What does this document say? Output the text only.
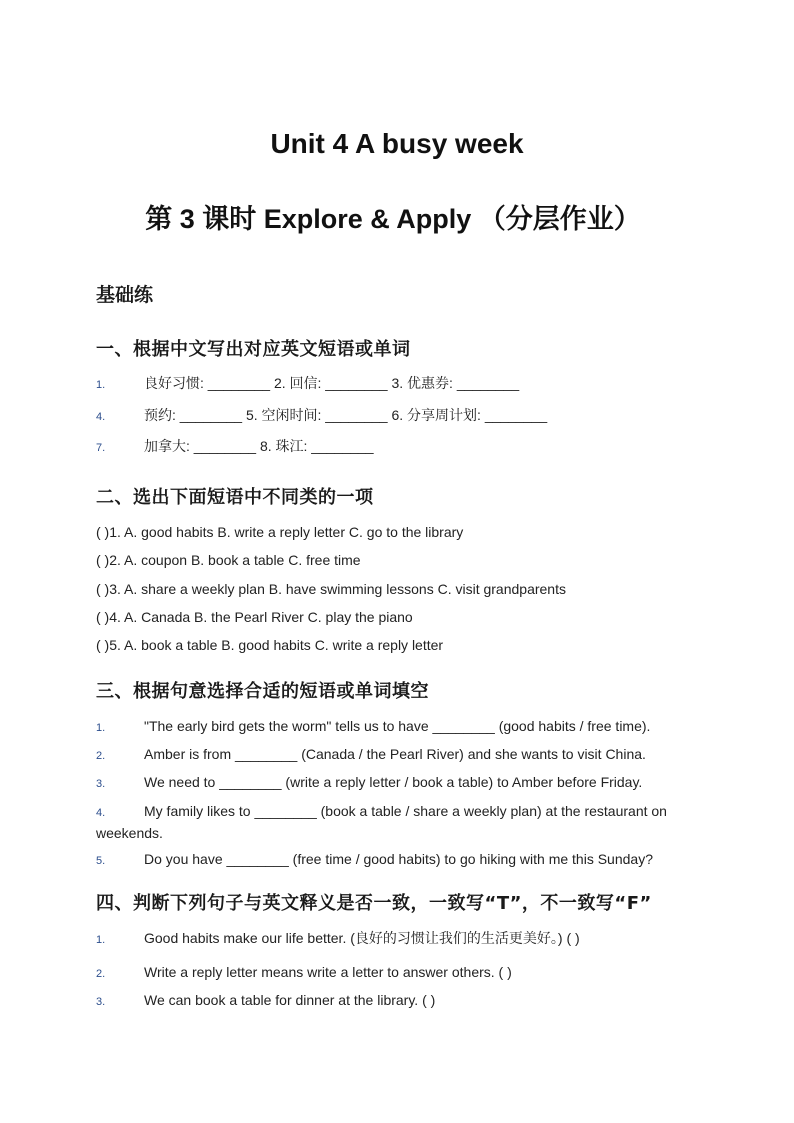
Unit 4 A busy week
第 3 课时 Explore & Apply （分层作业）
基础练
一、根据中文写出对应英文短语或单词
1.	良好习惯: ________ 2. 回信: ________ 3. 优惠券: ________
4.	预约: ________ 5. 空闲时间: ________ 6. 分享周计划: ________
7.	加拿大: ________ 8. 珠江: ________
二、选出下面短语中不同类的一项
( )1. A. good habits B. write a reply letter C. go to the library
( )2. A. coupon B. book a table C. free time
( )3. A. share a weekly plan B. have swimming lessons C. visit grandparents
( )4. A. Canada B. the Pearl River C. play the piano
( )5. A. book a table B. good habits C. write a reply letter
三、根据句意选择合适的短语或单词填空
1.	"The early bird gets the worm" tells us to have ________ (good habits / free time).
2.	Amber is from ________ (Canada / the Pearl River) and she wants to visit China.
3.	We need to ________ (write a reply letter / book a table) to Amber before Friday.
4.	My family likes to ________ (book a table / share a weekly plan) at the restaurant on
weekends.
5.	Do you have ________ (free time / good habits) to go hiking with me this Sunday?
四、判断下列句子与英文释义是否一致，一致写“T”，不一致写“F”
1.	Good habits make our life better. (良好的习惯让我们的生活更美好。) ( )
2.	Write a reply letter means write a letter to answer others. ( )
3.	We can book a table for dinner at the library. ( )
